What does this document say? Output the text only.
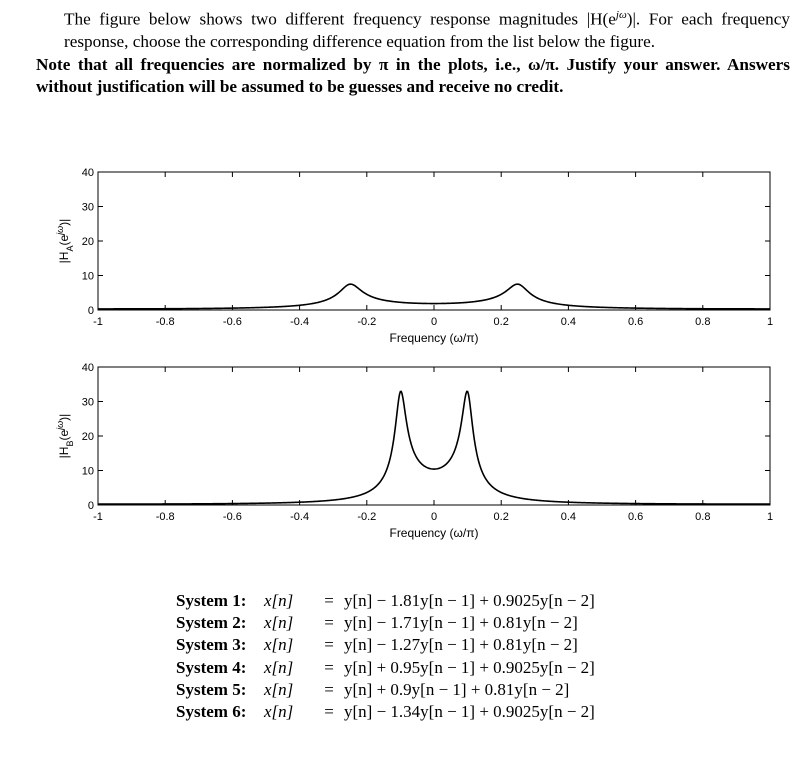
The figure below shows two different frequency response magnitudes $|H(e^{j\omega})|$. For each frequency response, choose the corresponding difference equation from the list below the figure.

Note that all frequencies are normalized by π in the plots, i.e., ω/π. Justify your answer. Answers without justification will be assumed to be guesses and receive no credit.

-1	-0.8	-0.6	-0.4	-0.2	0	0.2	0.4	0.6	0.8	1
0
10
20
30
40
Frequency (ω/π)
$|H_A(e^{j\omega})|$
-1	-0.8	-0.6	-0.4	-0.2	0	0.2	0.4	0.6	0.8	1
0
10
20
30
40
Frequency (ω/π)
$|H_B(e^{j\omega})|$
System 1:	x[n]	= y[n] − 1.81y[n − 1] + 0.9025y[n − 2]
System 2:	x[n]	= y[n] − 1.71y[n − 1] + 0.81y[n − 2]
System 3:	x[n]	= y[n] − 1.27y[n − 1] + 0.81y[n − 2]
System 4:	x[n]	= y[n] + 0.95y[n − 1] + 0.9025y[n − 2]
System 5:	x[n]	= y[n] + 0.9y[n − 1] + 0.81y[n − 2]
System 6:	x[n]	= y[n] − 1.34y[n − 1] + 0.9025y[n − 2]
